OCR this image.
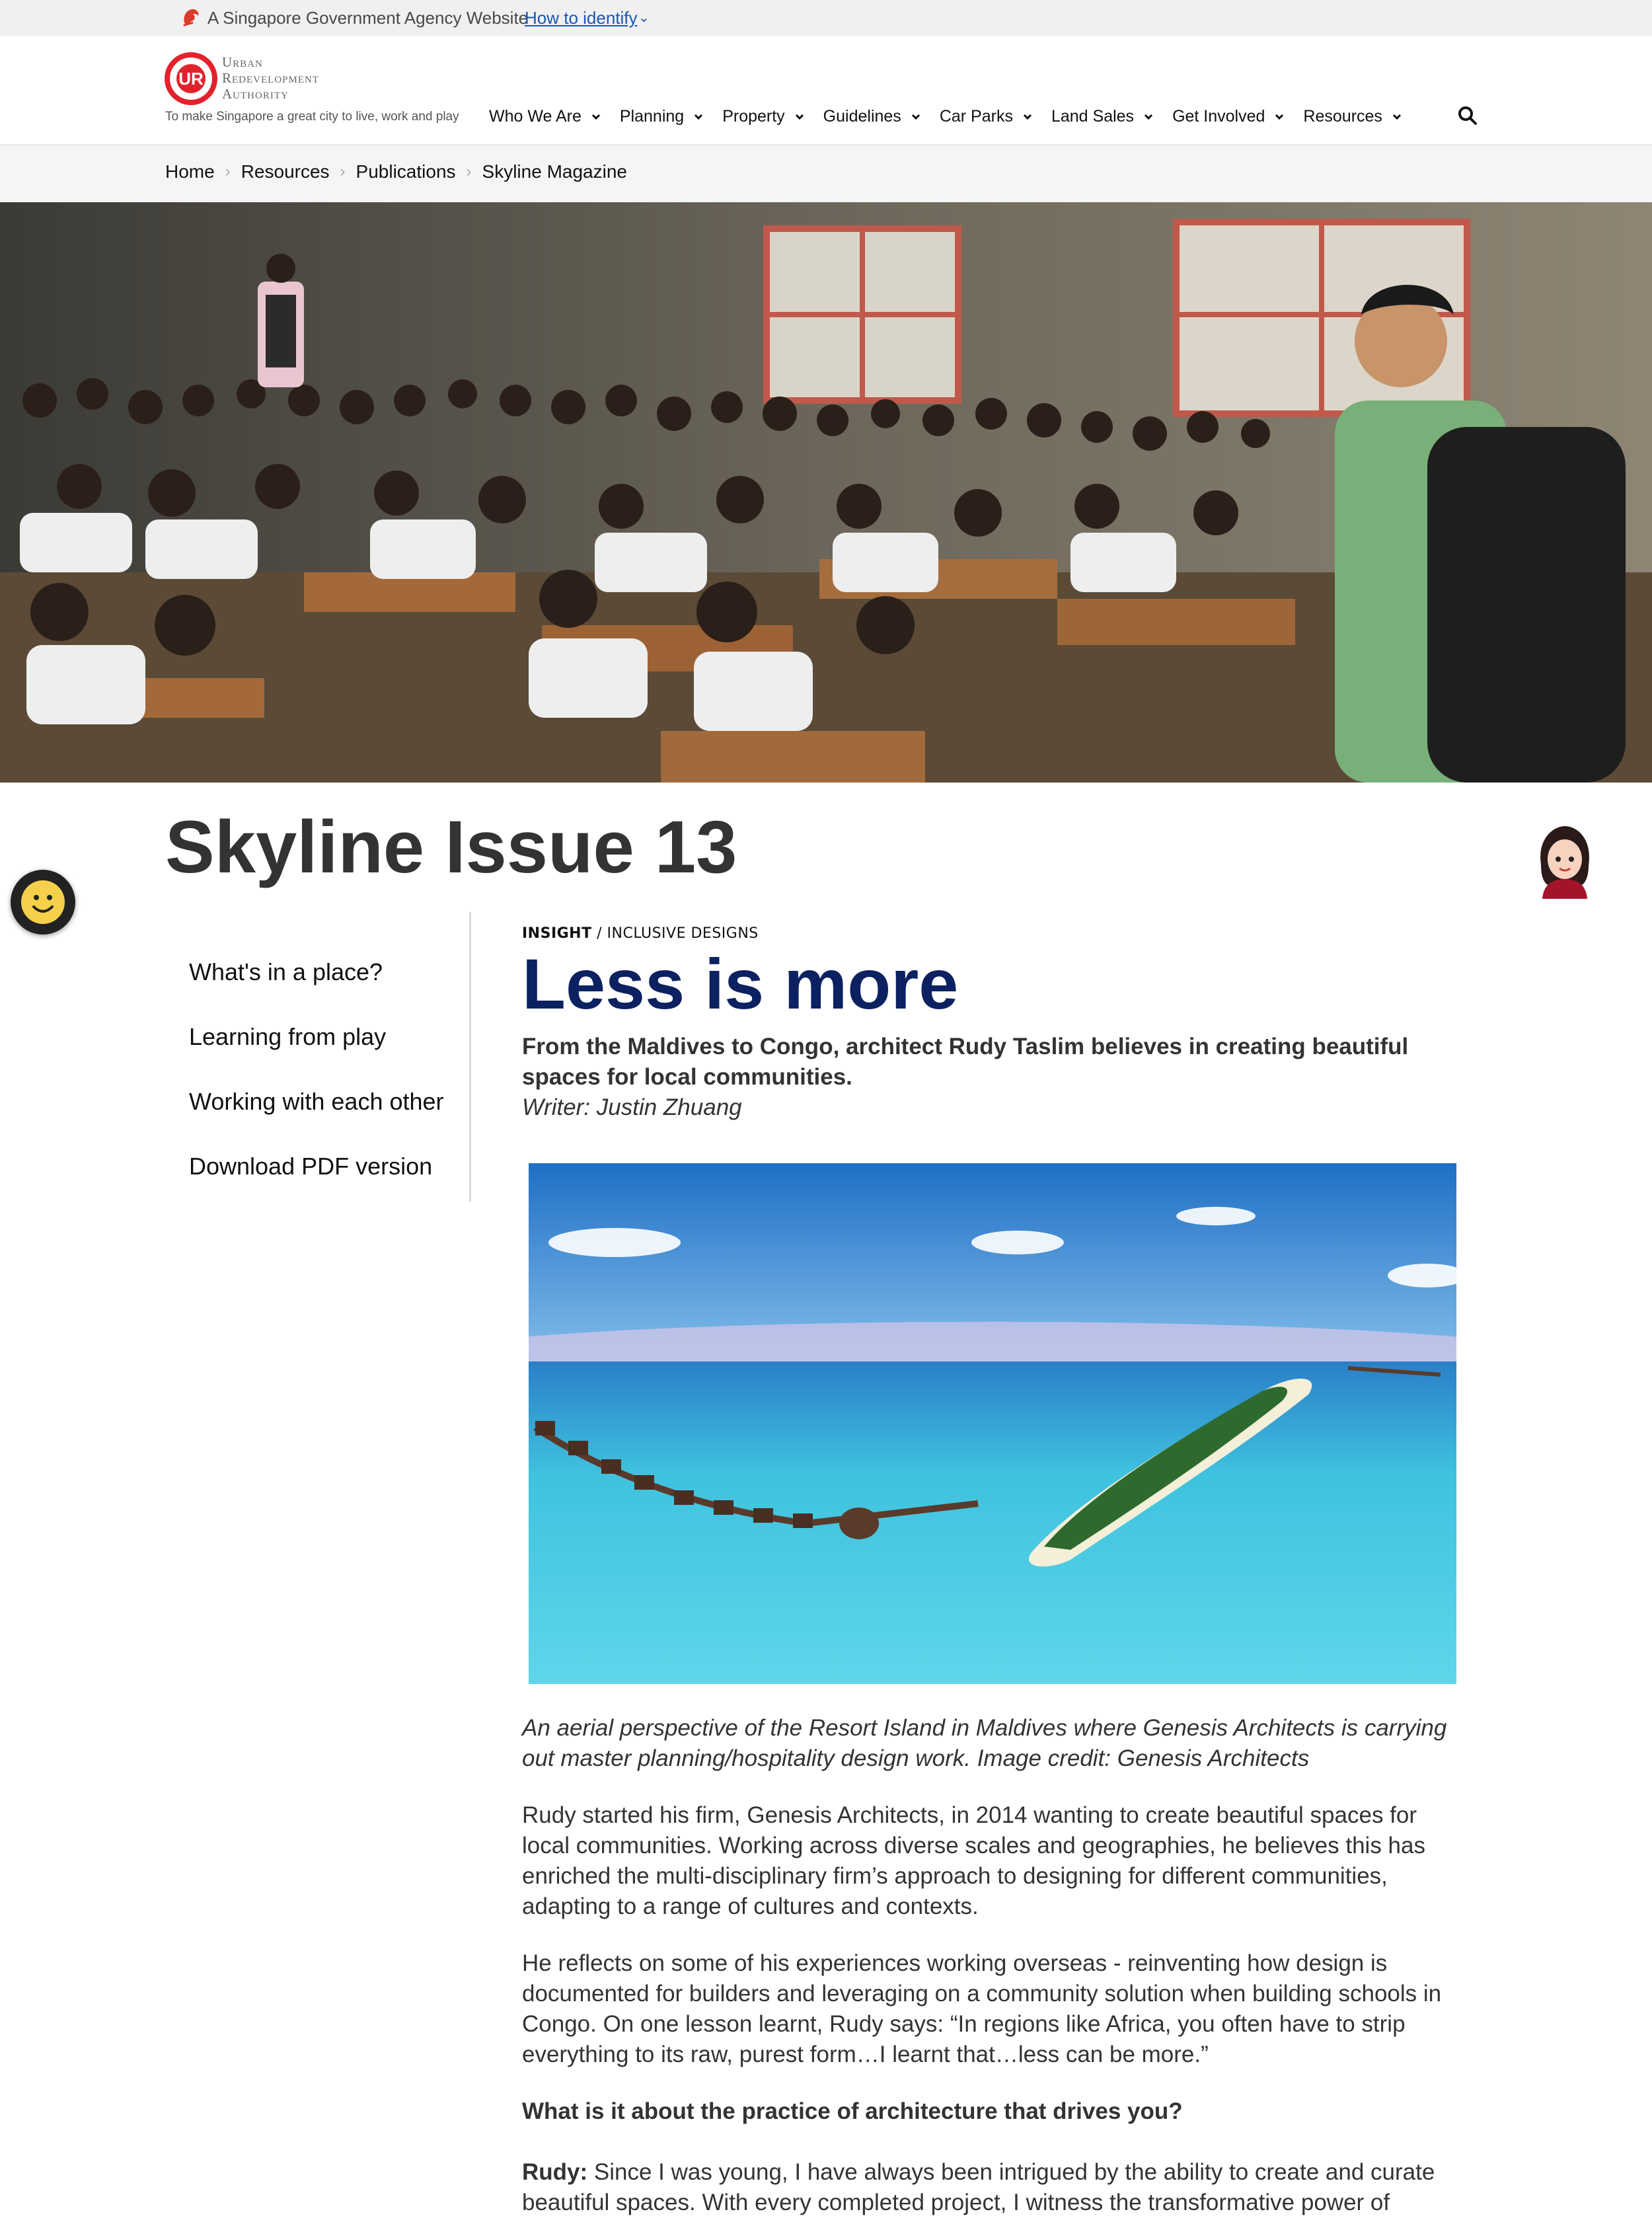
A Singapore Government Agency Website
How to identify ⌄
UR
Urban
Redevelopment
Authority
To make Singapore a great city to live, work and play Who We Are Planning Property Guidelines Car Parks Land Sales Get Involved Resources
Home › Resources › Publications › Skyline Magazine
Skyline Issue 13
What's in a place?
Learning from play
Working with each other
Download PDF version
INSIGHT / INCLUSIVE DESIGNS
Less is more

From the Maldives to Congo, architect Rudy Taslim believes in creating beautiful spaces for local communities.

Writer: Justin Zhuang

An aerial perspective of the Resort Island in Maldives where Genesis Architects is carrying out master planning/hospitality design work. Image credit: Genesis Architects

Rudy started his firm, Genesis Architects, in 2014 wanting to create beautiful spaces for local communities. Working across diverse scales and geographies, he believes this has enriched the multi-disciplinary firm’s approach to designing for different communities, adapting to a range of cultures and contexts.

He reflects on some of his experiences working overseas - reinventing how design is documented for builders and leveraging on a community solution when building schools in Congo. On one lesson learnt, Rudy says: “In regions like Africa, you often have to strip everything to its raw, purest form…I learnt that…less can be more.”

What is it about the practice of architecture that drives you?

Rudy: Since I was young, I have always been intrigued by the ability to create and curate beautiful spaces. With every completed project, I witness the transformative power of
